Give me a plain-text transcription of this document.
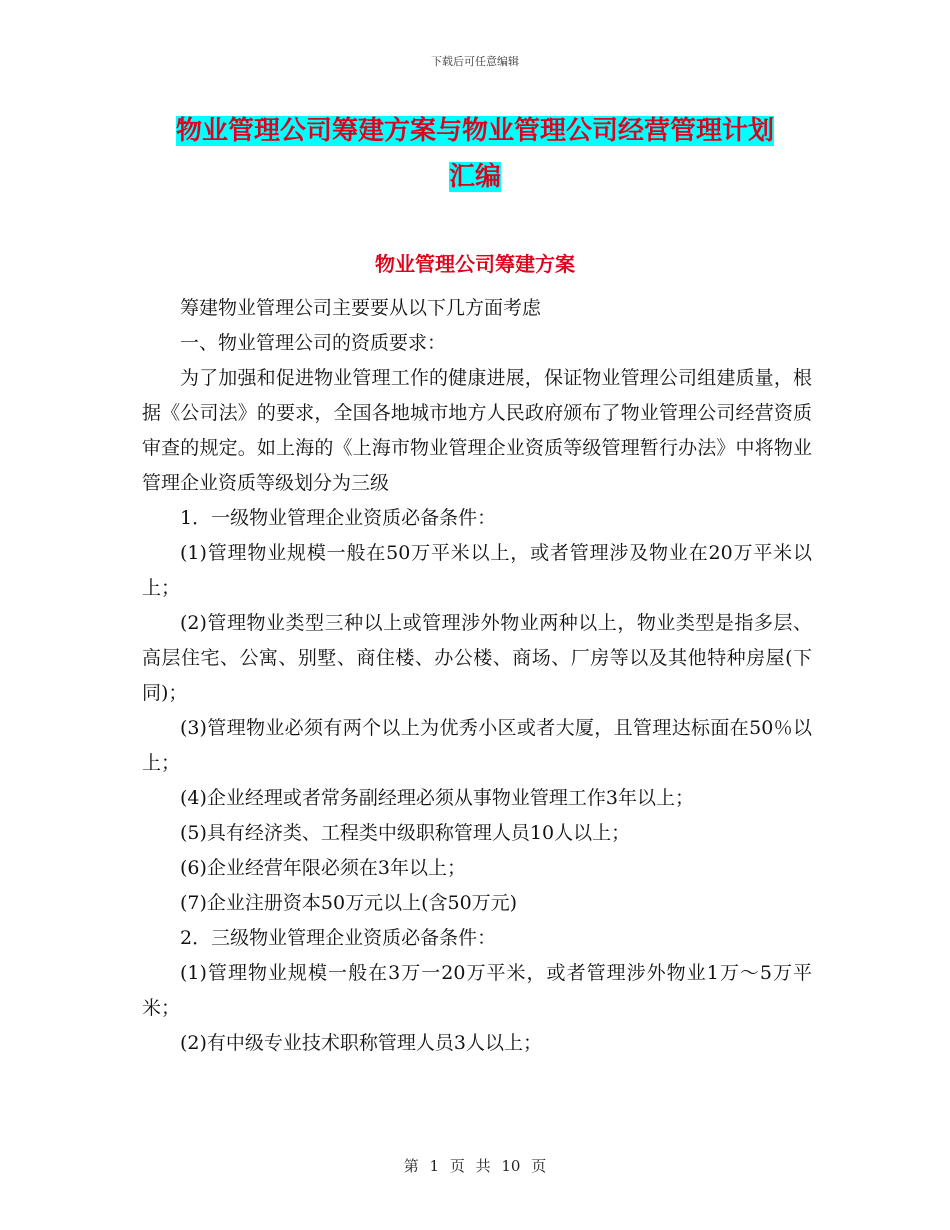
下载后可任意编辑
物业管理公司筹建方案与物业管理公司经营管理计划
汇编
物业管理公司筹建方案

筹建物业管理公司主要要从以下几方面考虑

一、物业管理公司的资质要求：

为了加强和促进物业管理工作的健康进展，保证物业管理公司组建质量，根据《公司法》的要求，全国各地城市地方人民政府颁布了物业管理公司经营资质审查的规定。如上海的《上海市物业管理企业资质等级管理暂行办法》中将物业管理企业资质等级划分为三级

1．一级物业管理企业资质必备条件：

(1)管理物业规模一般在50万平米以上，或者管理涉及物业在20万平米以上；

(2)管理物业类型三种以上或管理涉外物业两种以上，物业类型是指多层、高层住宅、公寓、别墅、商住楼、办公楼、商场、厂房等以及其他特种房屋(下同)；

(3)管理物业必须有两个以上为优秀小区或者大厦，且管理达标面在50％以上；

(4)企业经理或者常务副经理必须从事物业管理工作3年以上；

(5)具有经济类、工程类中级职称管理人员10人以上；

(6)企业经营年限必须在3年以上；

(7)企业注册资本50万元以上(含50万元)

2．三级物业管理企业资质必备条件：

(1)管理物业规模一般在3万一20万平米，或者管理涉外物业1万～5万平米；

(2)有中级专业技术职称管理人员3人以上；

第 1 页 共 10 页
